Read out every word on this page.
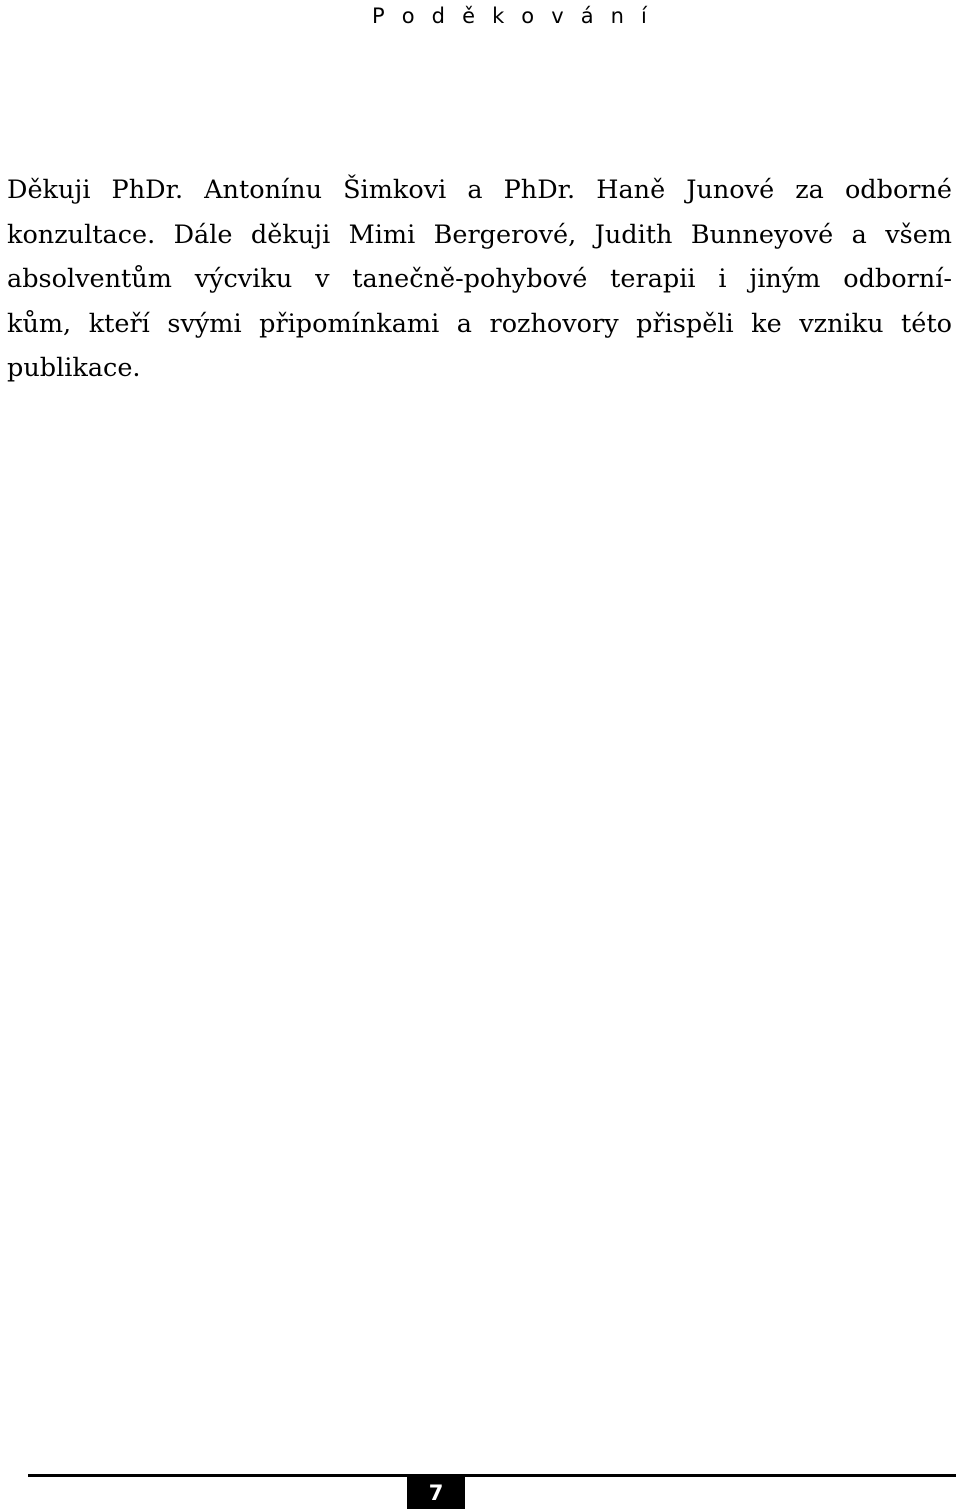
P o d ě k o v á n í

Děkuji PhDr. Antonínu Šimkovi a PhDr. Haně Junové za odborné
konzultace. Dále děkuji Mimi Bergerové, Judith Bunneyové a všem
absolventům výcviku v tanečně-pohybové terapii i jiným odborní-
kům, kteří svými připomínkami a rozhovory přispěli ke vzniku této
publikace.

7
